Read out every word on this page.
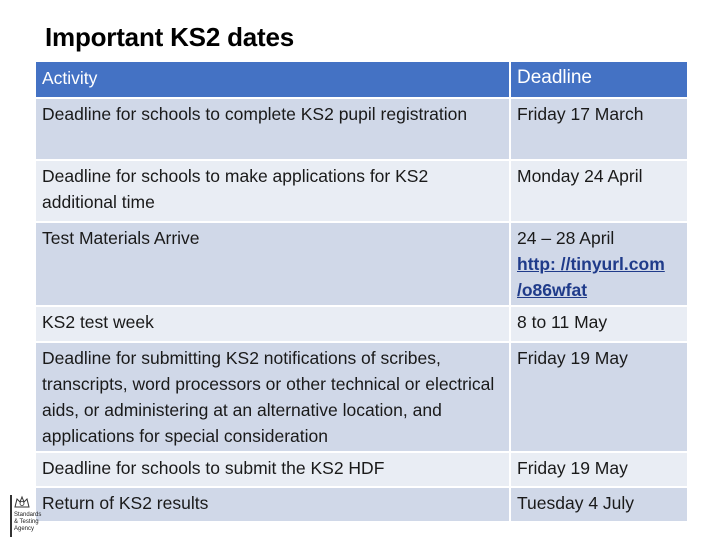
Important KS2 dates
Activity	Deadline
Deadline for schools to complete KS2 pupil registration	Friday 17 March
Deadline for schools to make applications for KS2 additional time	Monday 24 April
Test Materials Arrive	24 – 28 April
http: //tinyurl.com
/o86wfat

KS2 test week	8 to 11 May
Deadline for submitting KS2 notifications of scribes, transcripts, word processors or other technical or electrical aids, or administering at an alternative location, and applications for special consideration	Friday 19 May
Deadline for schools to submit the KS2 HDF	Friday 19 May
Return of KS2 results	Tuesday 4 July
Standards
& Testing
Agency
